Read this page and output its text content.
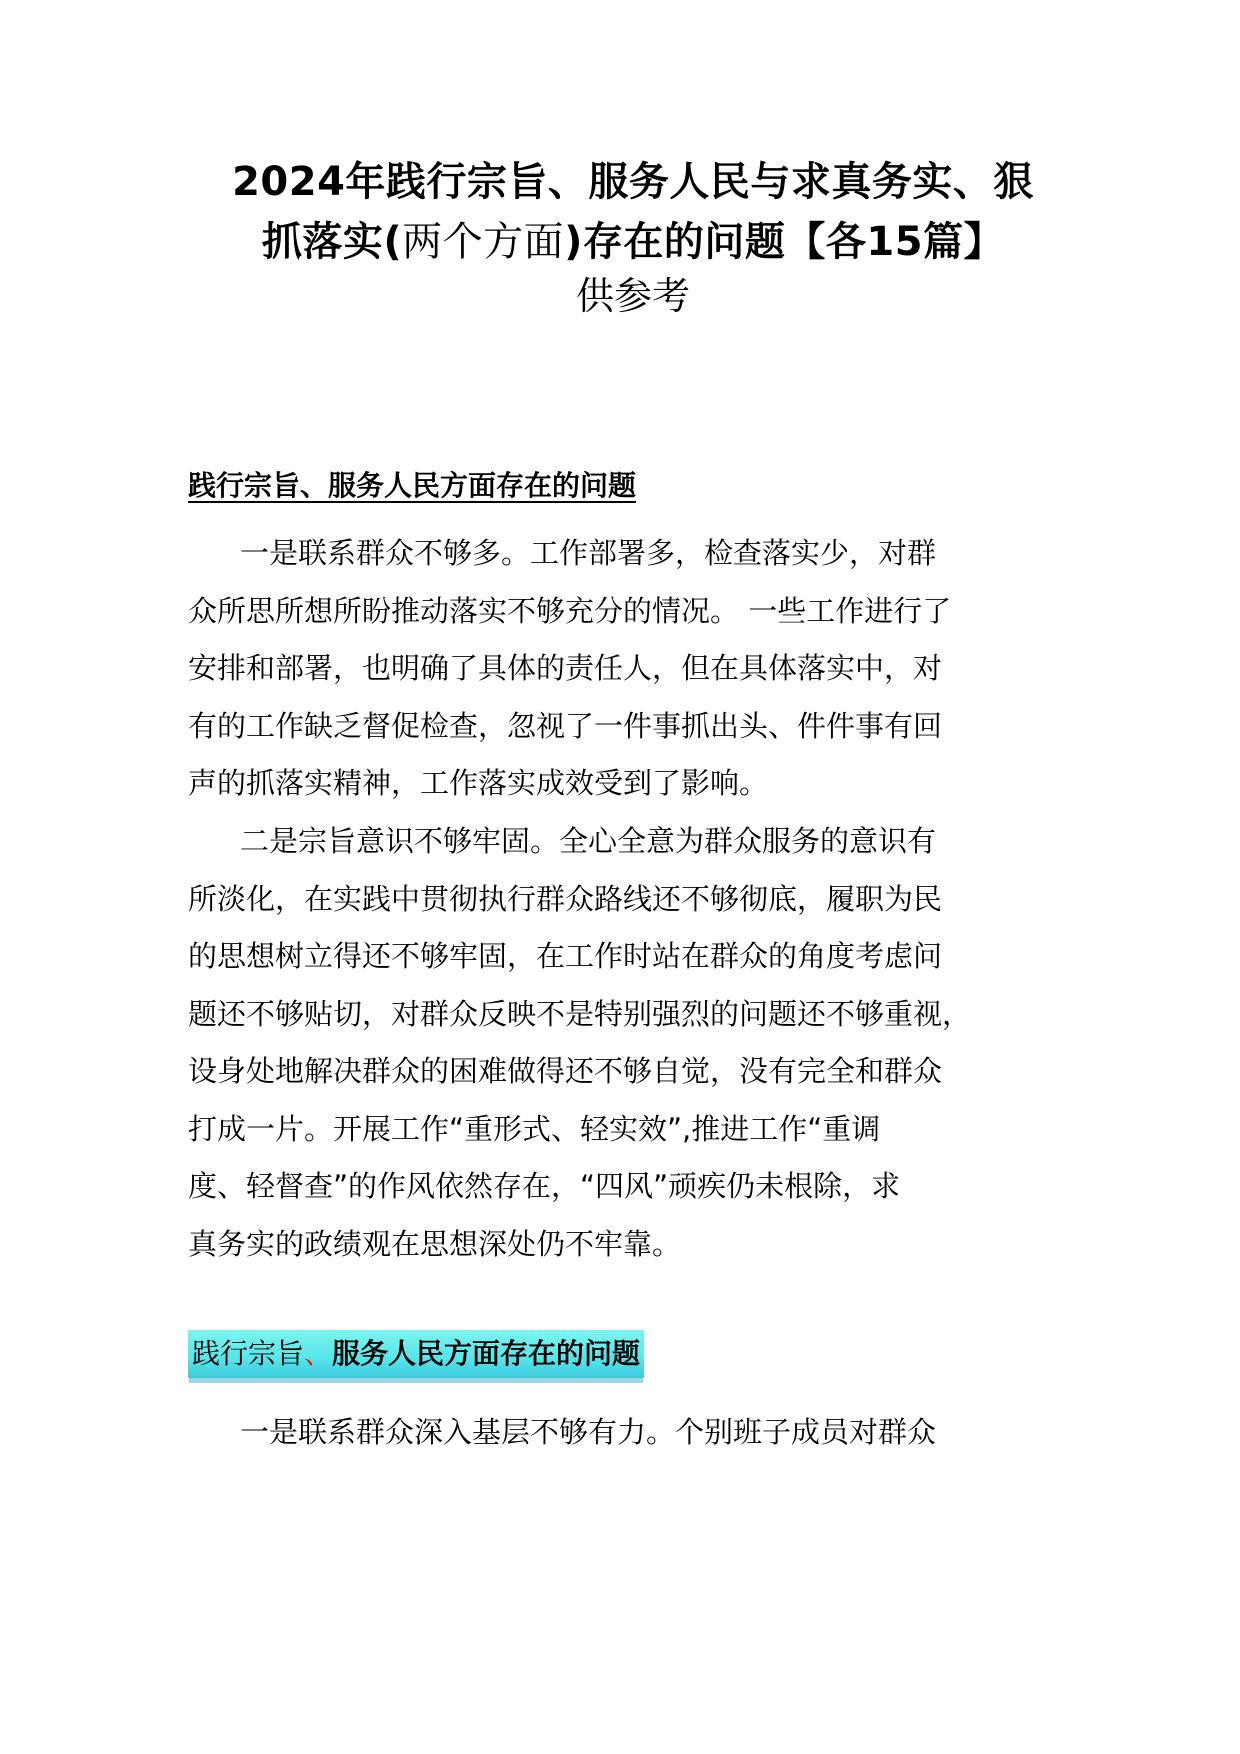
2024年践行宗旨、服务人民与求真务实、狠
抓落实(两个方面)存在的问题【各15篇】
供参考
践行宗旨、服务人民方面存在的问题
一是联系群众不够多。工作部署多，检查落实少，对群
众所思所想所盼推动落实不够充分的情况。 一些工作进行了
安排和部署，也明确了具体的责任人，但在具体落实中，对
有的工作缺乏督促检查，忽视了一件事抓出头、件件事有回
声的抓落实精神，工作落实成效受到了影响。
二是宗旨意识不够牢固。全心全意为群众服务的意识有
所淡化，在实践中贯彻执行群众路线还不够彻底，履职为民
的思想树立得还不够牢固，在工作时站在群众的角度考虑问
题还不够贴切，对群众反映不是特别强烈的问题还不够重视，
设身处地解决群众的困难做得还不够自觉，没有完全和群众
打成一片。开展工作“重形式、轻实效”,推进工作“重调
度、轻督查”的作风依然存在，“四风”顽疾仍未根除，求
真务实的政绩观在思想深处仍不牢靠。
践行宗旨、服务人民方面存在的问题
一是联系群众深入基层不够有力。个别班子成员对群众
